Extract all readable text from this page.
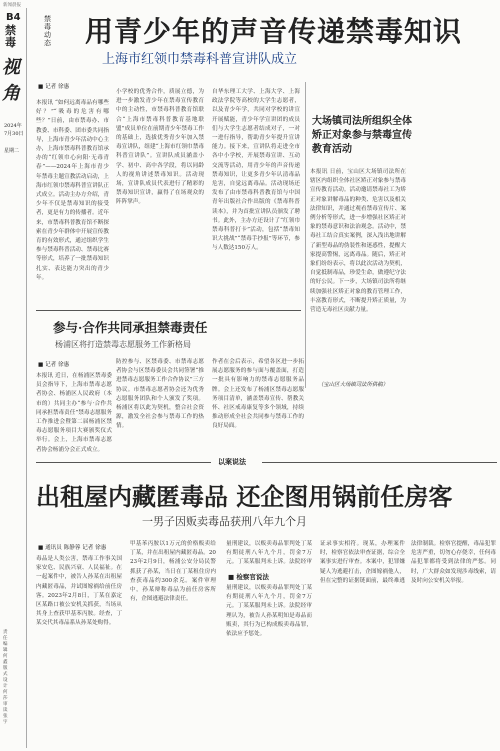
新闻晨报
B4
禁毒
视角
2024年7月30日
星期二
责任编辑 何鑫 版式设计 何莎 审读 张宇
禁毒动态 用青少年的声音传递禁毒知识
上海市红领巾禁毒科普宣讲队成立
■ 记者 徐惠
本报讯 “如何远离毒品有哪些好？”“吸毒的危害有哪些？”日前，由市禁毒办、市教委、市科委、团市委共同指导，上海市青少年活动中心主办，上海市禁毒科普教育馆承办的“红领巾心向阳·无毒青春”——2024年上海市青少年禁毒主题宣教活动启动，上海市红领巾禁毒科普宣讲队正式成立。活动主办方介绍，青少年不仅是禁毒知识的接受者，更是有力的传播者。近年来，市禁毒科普教育馆不断探索在青少年群体中开展宣传教育的有效形式，通过组织学生参与禁毒科普活动、禁毒比赛等形式，培养了一批禁毒知识扎实、表达能力突出的青少年。
小学校的优秀合作，质展立德，为进一步激发青少年在禁毒宣传教育中的主动性，市禁毒科普教育馆联合“上海市禁毒科普教育基地联盟”成员单位在前期青少年禁毒工作的基础上，选拔优秀青少年加入禁毒宣讲队，组建“上海市红领巾禁毒科普宣讲队”。宣讲队成员涵盖小学、初中、高中各学段，将以同龄人的视角讲述禁毒知识。活动现场，宣讲队成员代表进行了精彩的禁毒知识宣讲，赢得了在场观众的阵阵掌声。
自华东理工大学、上海大学、上海政法学院等高校的大学生志愿者，以及青少年学，共同对学校的讲宣开展赋能，青少年学宣讲团的成员们与大学生志愿者结成对子，一对一进行指导，帮助青少年提升宣讲能力。接下来，宣讲队将走进全市各中小学校，开展禁毒宣讲、互动交流等活动，用青少年的声音传递禁毒知识，让更多青少年认清毒品危害，自觉远离毒品。活动现场还发布了由市禁毒科普教育馆与中国青年出版社合作出版的《禁毒科普读本》，并为首批宣讲队员颁发了聘书。此外，主办方还设计了“红领巾禁毒科普打卡”活动，包括“禁毒知识大挑战”“禁毒手抄报”等环节，参与人数达150万人。
大场镇司法所组织全体矫正对象参与禁毒宣传教育活动
本报讯 日前，宝山区大场镇司法所在辖区内组织全体社区矫正对象参与禁毒宣传教育活动。活动邀请禁毒社工为矫正对象讲解毒品的种类、危害以及相关法律知识，并通过观看禁毒宣传片、案例分析等形式，进一步增强社区矫正对象的禁毒意识和法治观念。活动中，禁毒社工结合真实案例，深入浅出地讲解了新型毒品的伪装性和迷惑性，提醒大家提高警惕，远离毒品。随后，矫正对象们纷纷表示，将以此次活动为契机，自觉抵制毒品，珍爱生命，做遵纪守法的好公民。下一步，大场镇司法所将继续加强社区矫正对象的教育管理工作，丰富教育形式，不断提升矫正质量，为营造无毒社区贡献力量。
（宝山区大场镇司法所供稿）
参与·合作共同承担禁毒责任
杨浦区将打造禁毒志愿服务工作新格局
■ 记者 徐惠
本报讯 近日，在杨浦区禁毒委员会指导下，上海市禁毒志愿者协会、杨浦区人民政府（本市的）共同主办“参与·合作共同承担禁毒责任”禁毒志愿服务工作推进会暨第二届杨浦区禁毒志愿服务项目大赛颁奖仪式举行。会上，上海市禁毒志愿者协会杨浦分会正式成立。
防控参与、区禁毒委、市禁毒志愿者协会与区禁毒委员会共同签署“推进禁毒志愿服务工作合作协议”三方协议。市禁毒志愿者协会还为优秀志愿服务团队和个人颁发了奖项。杨浦区将以此为契机，整合社会资源，激发全社会参与禁毒工作的热情。
作者在会后表示，希望各区进一步拓展志愿服务的参与面与覆盖面，打造一批具有影响力的禁毒志愿服务品牌。会上还发布了杨浦区禁毒志愿服务项目清单，涵盖禁毒宣传、帮教关怀、社区戒毒康复等多个领域，持续推动形成全社会共同参与禁毒工作的良好局面。
以案说法
出租屋内藏匿毒品 还企图用锅前任房客
一男子因贩卖毒品获刑八年九个月
■ 通讯员 陈静蓉 记者 徐惠
毒品是人类公害，禁毒工作事关国家安危、民族兴衰、人民福祉。在一起案件中，被告人孙某在出租屋内藏匿毒品，并试图嫁祸给前任房客。2023年2月8日，丁某在嘉定区某路口被公安机关抓获，当场从其身上查获甲基苯丙胺。经查，丁某交代其毒品系从孙某处购得。
甲基苯丙胺以1万元的价格贩卖给丁某，并在出租屋内藏匿毒品。2023年2月9日，杨浦公安分局民警抓获了孙某，当日在丁某租住房内查获毒品约300余克。案件审理中，孙某辩称毒品为前任房客所有，企图逃避法律责任。
量刑建议，以贩卖毒品罪判处丁某有期徒刑八年九个月，罚金7万元。丁某某服判未上诉。法院经审
■ 检察官说法
量刑建议，以贩卖毒品罪判处丁某有期徒刑八年九个月，罚金7万元。丁某某服判未上诉。法院经审理认为，被告人孙某明知是毒品而贩卖，其行为已构成贩卖毒品罪，依法应予惩处。
证录事实相符。现某，办理案件时，检察官依法审查证据，综合全案事实进行审查。本案中，犯罪嫌疑人为逃避打击，企图嫁祸他人，但在完整的证据链面前，最终难逃法律制裁。检察官提醒，毒品犯罪危害严重，切勿心存侥幸，任何毒品犯罪都将受到法律的严惩。同时，广大群众如发现涉毒线索，请及时向公安机关举报。
